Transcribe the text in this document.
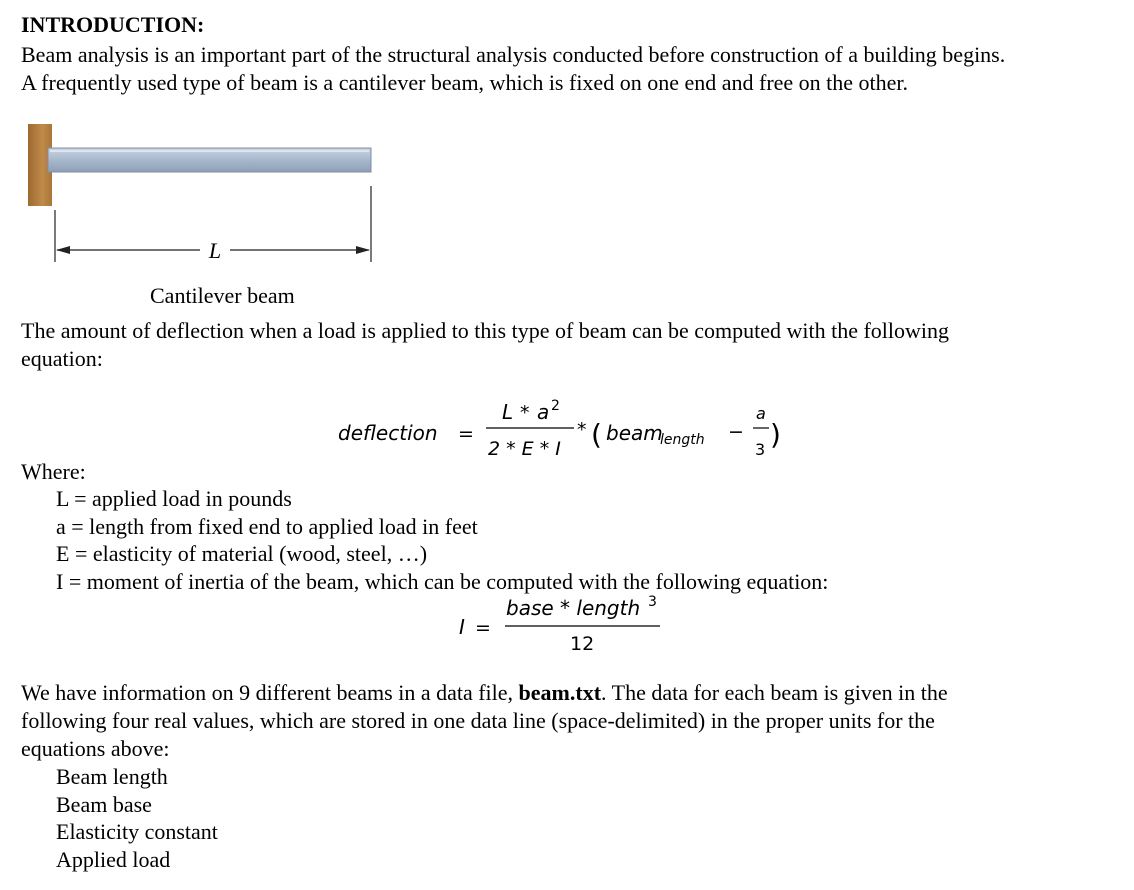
INTRODUCTION:
Beam analysis is an important part of the structural analysis conducted before construction of a building begins.
A frequently used type of beam is a cantilever beam, which is fixed on one end and free on the other.
L
Cantilever beam
The amount of deflection when a load is applied to this type of beam can be computed with the following
equation:
deflection =
L * a 2
2 * E * I
* ( beam
length −
a
3 )
Where:
L = applied load in pounds
a = length from fixed end to applied load in feet
E = elasticity of material (wood, steel, …)
I = moment of inertia of the beam, which can be computed with the following equation:
I =
base * length 3
12
We have information on 9 different beams in a data file, beam.txt. The data for each beam is given in the
following four real values, which are stored in one data line (space-delimited) in the proper units for the
equations above:
Beam length
Beam base
Elasticity constant
Applied load
